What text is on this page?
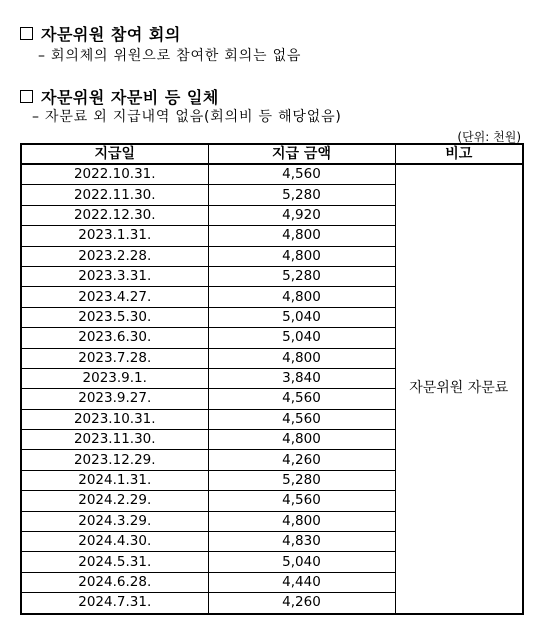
자문위원 참여 회의
– 회의체의 위원으로 참여한 회의는 없음
자문위원 자문비 등 일체
– 자문료 외 지급내역 없음(회의비 등 해당없음)
(단위: 천원)
지급일	지급 금액	비고
2022.10.31.	4,560	자문위원 자문료
2022.11.30.	5,280	
2022.12.30.	4,920	
2023.1.31.	4,800	
2023.2.28.	4,800	
2023.3.31.	5,280	
2023.4.27.	4,800	
2023.5.30.	5,040	
2023.6.30.	5,040	
2023.7.28.	4,800	
2023.9.1.	3,840	
2023.9.27.	4,560	
2023.10.31.	4,560	
2023.11.30.	4,800	
2023.12.29.	4,260	
2024.1.31.	5,280	
2024.2.29.	4,560	
2024.3.29.	4,800	
2024.4.30.	4,830	
2024.5.31.	5,040	
2024.6.28.	4,440	
2024.7.31.	4,260	
